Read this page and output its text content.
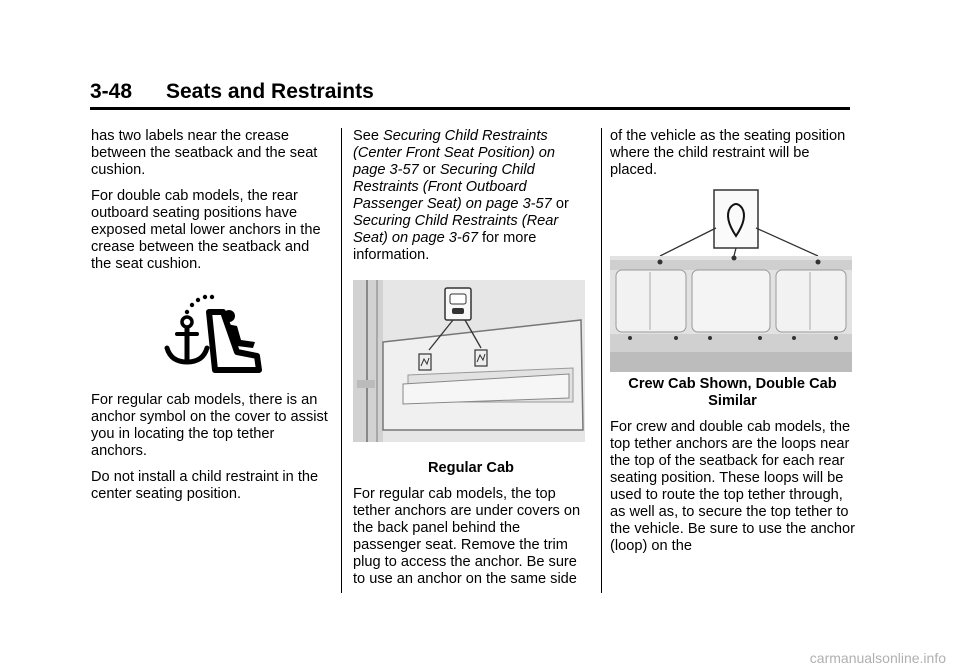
3-48 Seats and Restraints

has two labels near the crease between the seatback and the seat cushion.

For double cab models, the rear outboard seating positions have exposed metal lower anchors in the crease between the seatback and the seat cushion.

For regular cab models, there is an anchor symbol on the cover to assist you in locating the top tether anchors.

Do not install a child restraint in the center seating position.

See Securing Child Restraints (Center Front Seat Position) on page 3-57 or Securing Child Restraints (Front Outboard Passenger Seat) on page 3-57 or Securing Child Restraints (Rear Seat) on page 3-67 for more information.

Regular Cab

For regular cab models, the top tether anchors are under covers on the back panel behind the passenger seat. Remove the trim plug to access the anchor. Be sure to use an anchor on the same side

of the vehicle as the seating position where the child restraint will be placed.

Crew Cab Shown, Double Cab Similar

For crew and double cab models, the top tether anchors are the loops near the top of the seatback for each rear seating position. These loops will be used to route the top tether through, as well as, to secure the top tether to the vehicle. Be sure to use the anchor (loop) on the

carmanualsonline.info
